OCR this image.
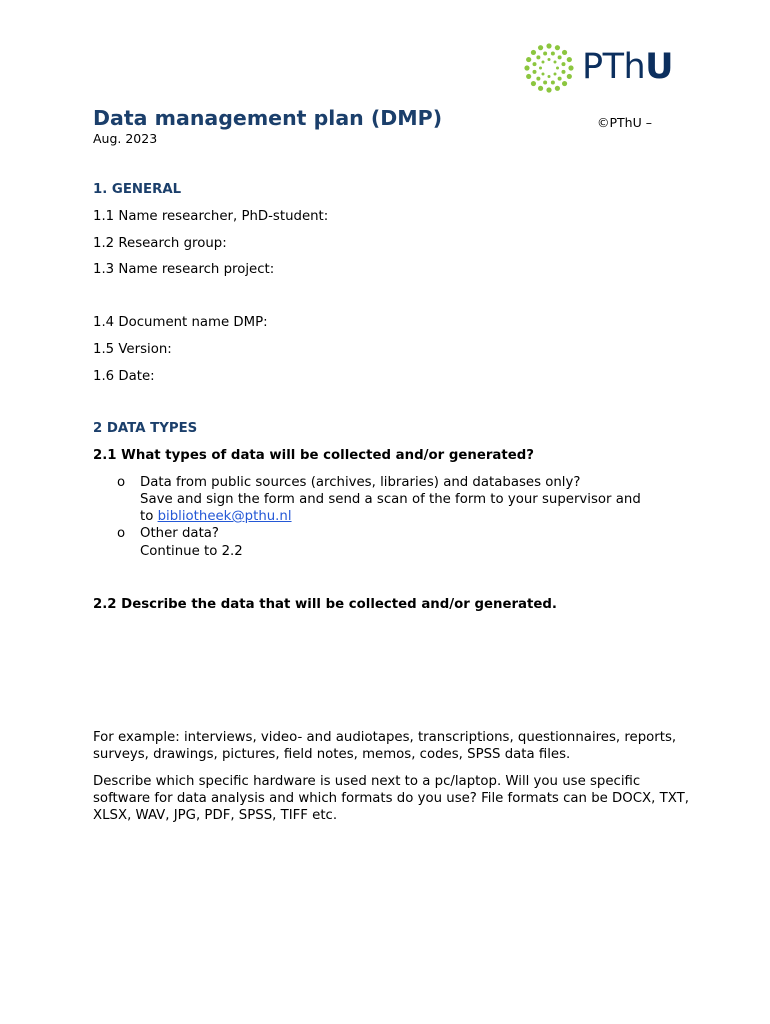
PThU
Data management plan (DMP)	©PThU –
Aug. 2023
1. GENERAL
1.1 Name researcher, PhD-student:
1.2 Research group:
1.3 Name research project:
1.4 Document name DMP:
1.5 Version:
1.6 Date:
2 DATA TYPES
2.1 What types of data will be collected and/or generated?
o Data from public sources (archives, libraries) and databases only?
Save and sign the form and send a scan of the form to your supervisor and
to bibliotheek@pthu.nl
o Other data?
Continue to 2.2
2.2 Describe the data that will be collected and/or generated.
For example: interviews, video- and audiotapes, transcriptions, questionnaires, reports, surveys, drawings, pictures, field notes, memos, codes, SPSS data files.
Describe which specific hardware is used next to a pc/laptop. Will you use specific software for data analysis and which formats do you use? File formats can be DOCX, TXT, XLSX, WAV, JPG, PDF, SPSS, TIFF etc.
